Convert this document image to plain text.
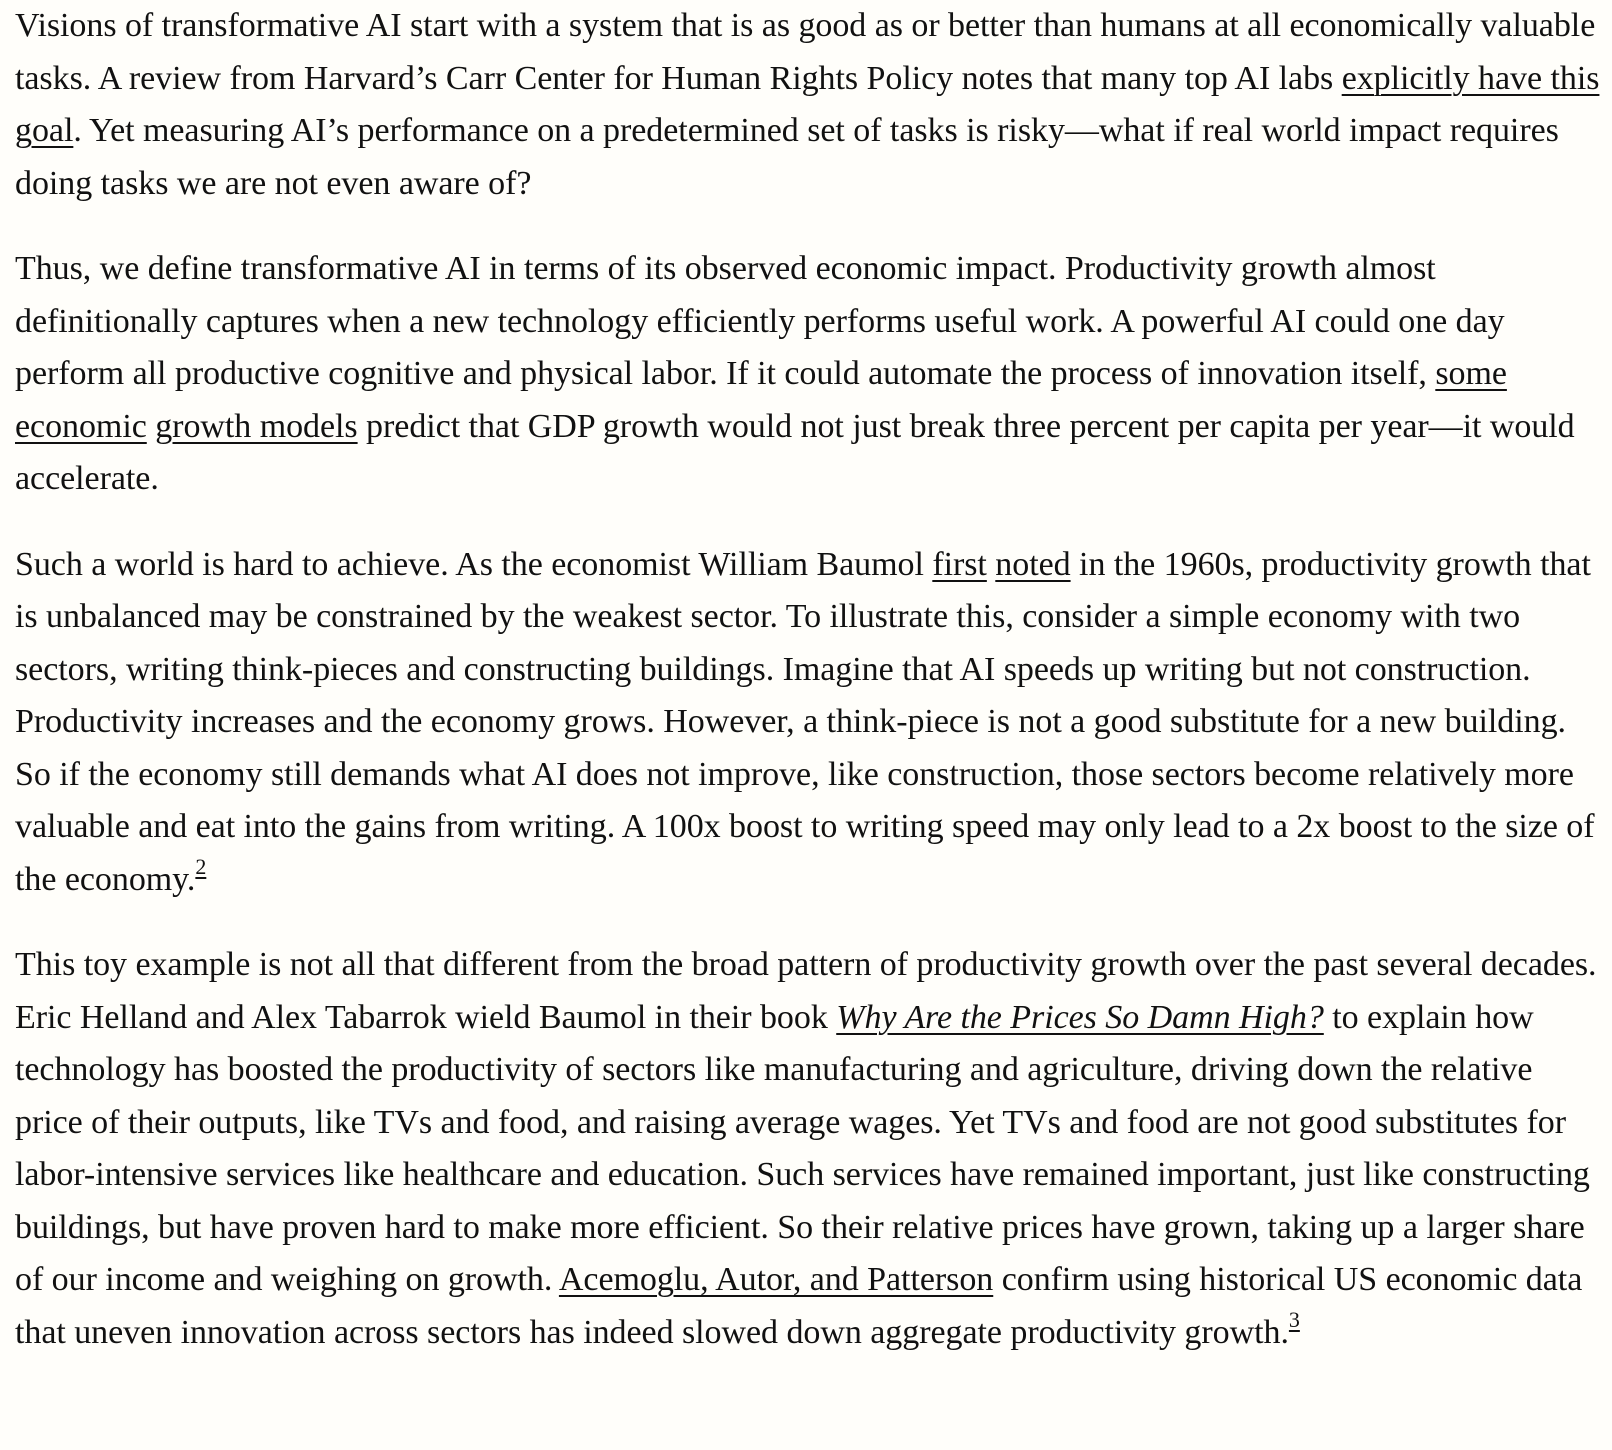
Visions of transformative AI start with a system that is as good as or better than humans at all economically valuable tasks. A review from Harvard’s Carr Center for Human Rights Policy notes that many top AI labs explicitly have this goal. Yet measuring AI’s performance on a predetermined set of tasks is risky—what if real world impact requires doing tasks we are not even aware of?

Thus, we define transformative AI in terms of its observed economic impact. Productivity growth almost definitionally captures when a new technology efficiently performs useful work. A powerful AI could one day perform all productive cognitive and physical labor. If it could automate the process of innovation itself, some economic growth models predict that GDP growth would not just break three percent per capita per year—it would accelerate.

Such a world is hard to achieve. As the economist William Baumol first noted in the 1960s, productivity growth that is unbalanced may be constrained by the weakest sector. To illustrate this, consider a simple economy with two sectors, writing think-pieces and constructing buildings. Imagine that AI speeds up writing but not construction. Productivity increases and the economy grows. However, a think-piece is not a good substitute for a new building. So if the economy still demands what AI does not improve, like construction, those sectors become relatively more valuable and eat into the gains from writing. A 100x boost to writing speed may only lead to a 2x boost to the size of the economy.$^2$

This toy example is not all that different from the broad pattern of productivity growth over the past several decades. Eric Helland and Alex Tabarrok wield Baumol in their book Why Are the Prices So Damn High? to explain how technology has boosted the productivity of sectors like manufacturing and agriculture, driving down the relative price of their outputs, like TVs and food, and raising average wages. Yet TVs and food are not good substitutes for labor-intensive services like healthcare and education. Such services have remained important, just like constructing buildings, but have proven hard to make more efficient. So their relative prices have grown, taking up a larger share of our income and weighing on growth. Acemoglu, Autor, and Patterson confirm using historical US economic data that uneven innovation across sectors has indeed slowed down aggregate productivity growth.$^3$
